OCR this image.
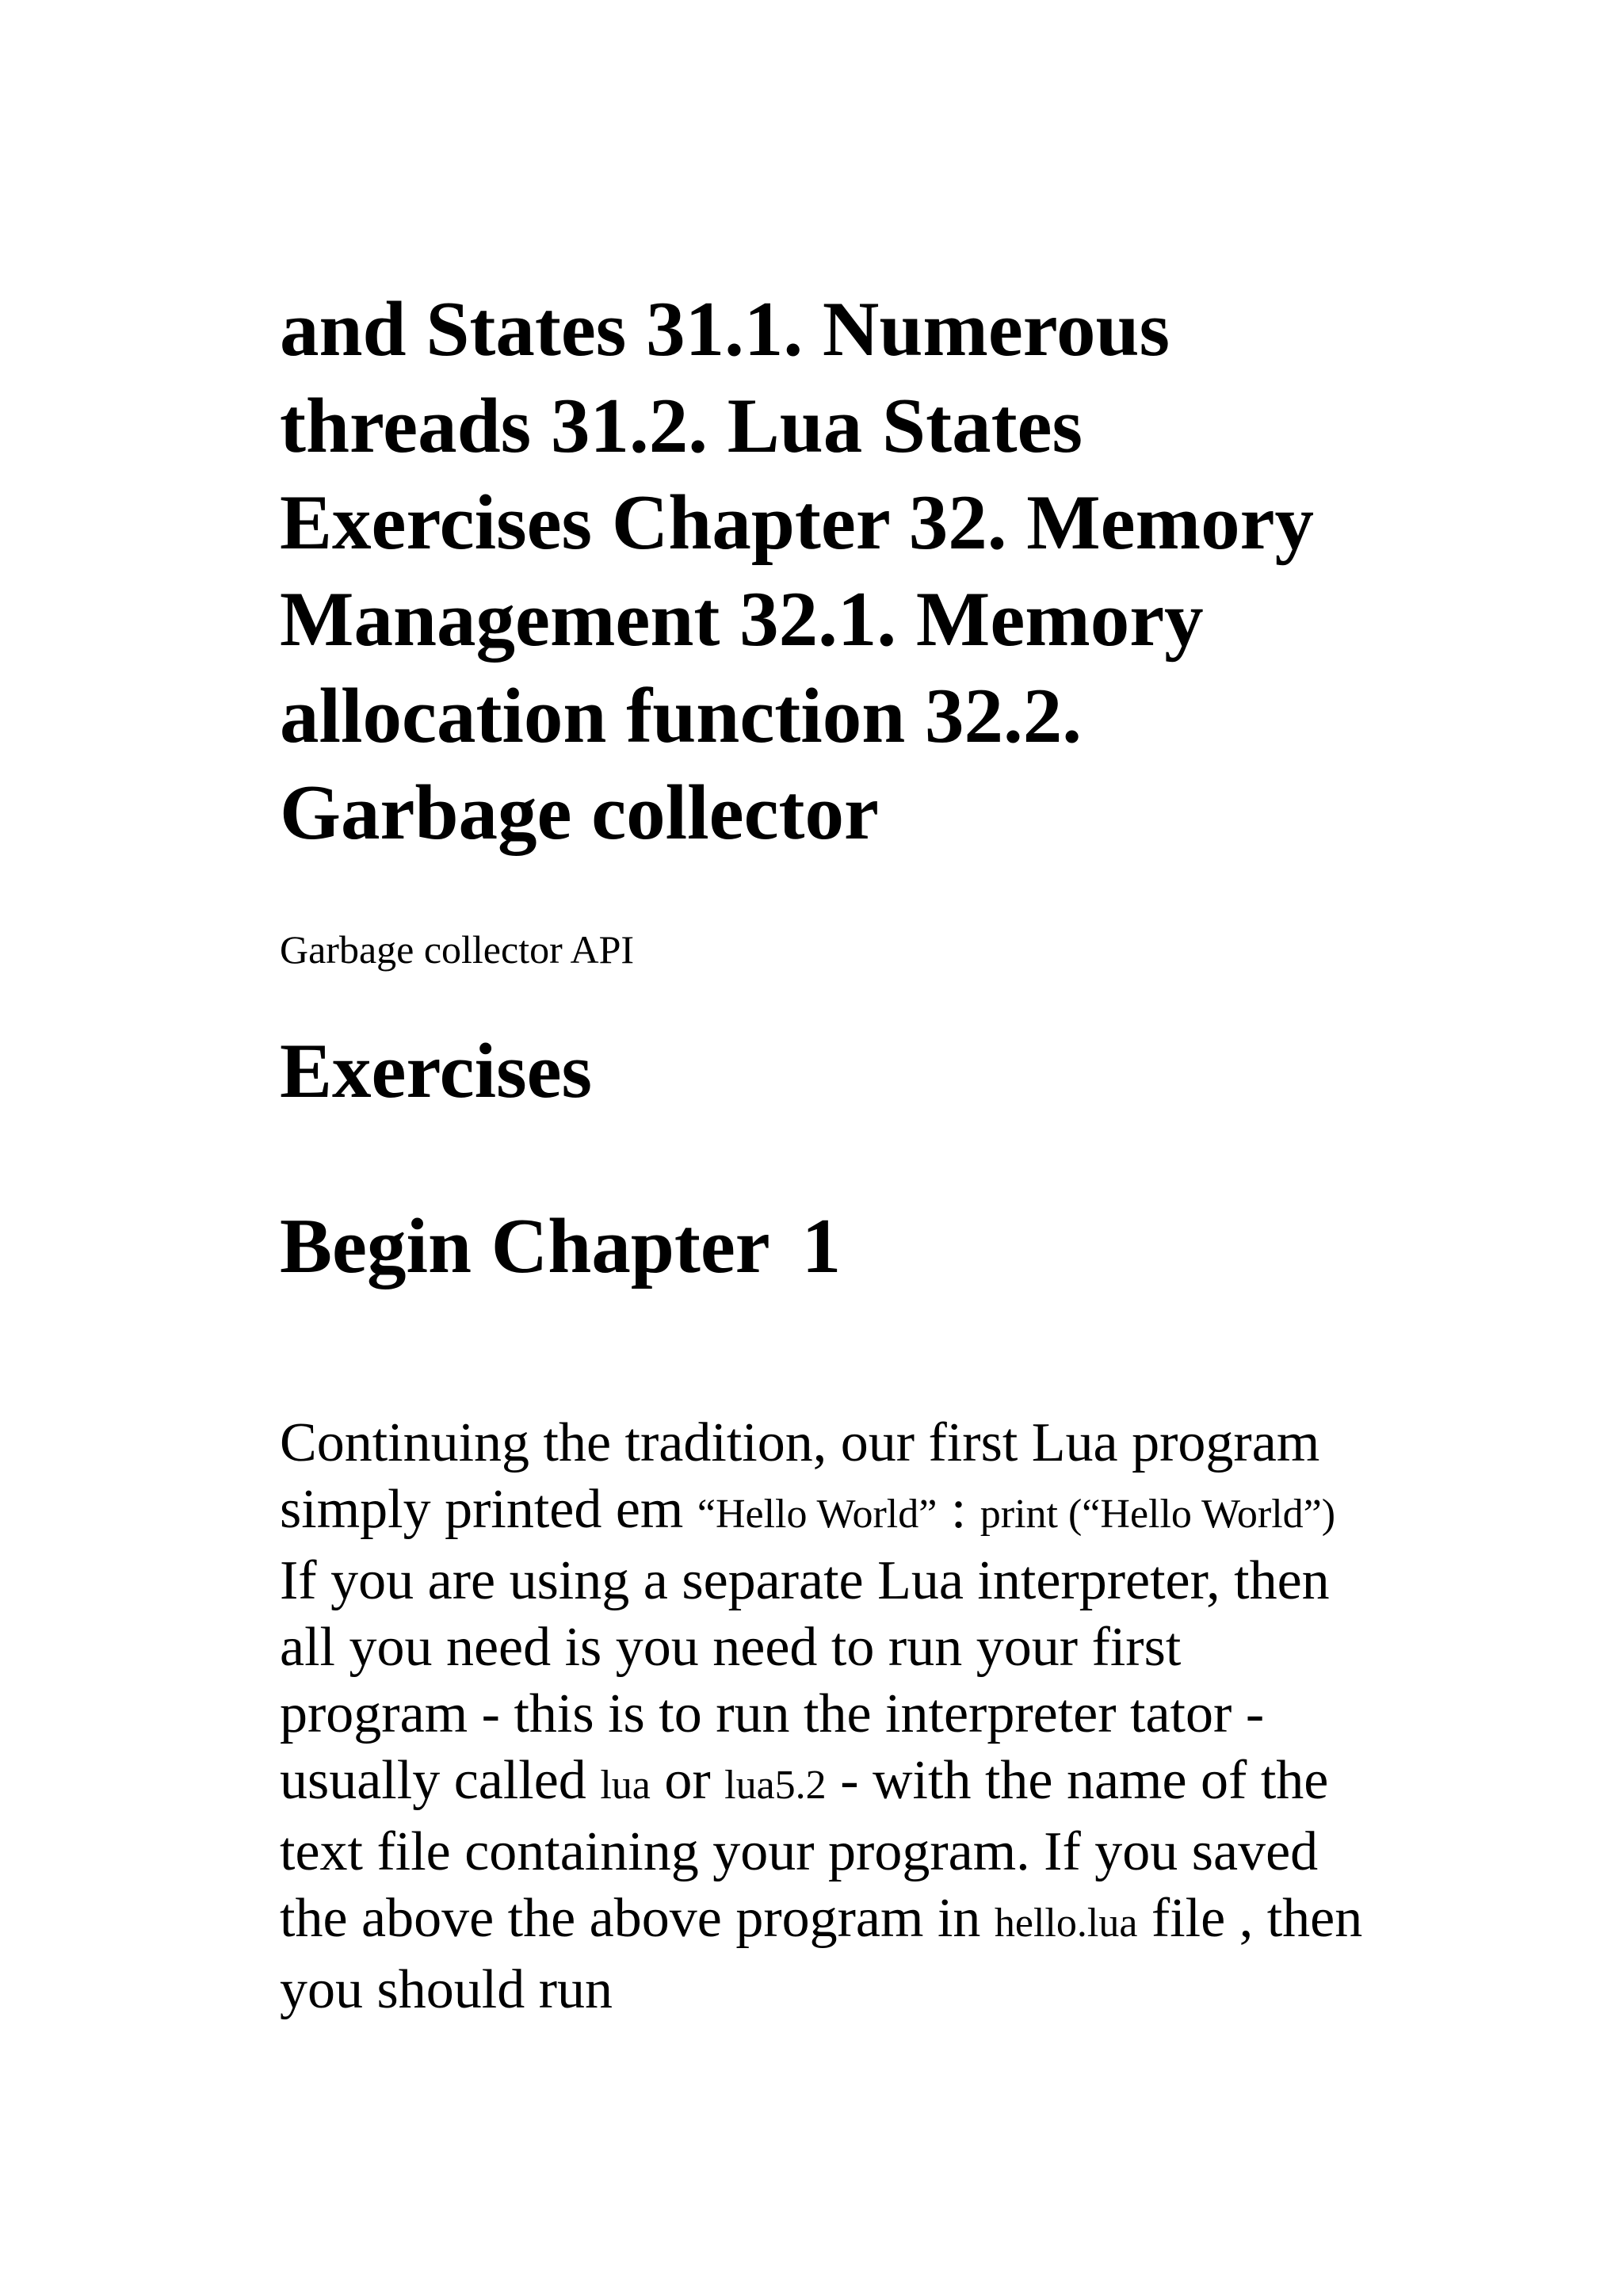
and States 31.1. Numerous threads 31.2. Lua States Exercises Chapter 32. Memory Management 32.1. Memory allocation function 32.2. Garbage collector

Garbage collector API

Exercises
Begin Chapter 1

Continuing the tradition, our first Lua program simply printed em “Hello World” : print (“Hello World”) If you are using a separate Lua interpreter, then all you need is you need to run your first program - this is to run the interpreter tator - usually called lua or lua5.2 - with the name of the text file containing your program. If you saved the above the above program in hello.lua file , then you should run
